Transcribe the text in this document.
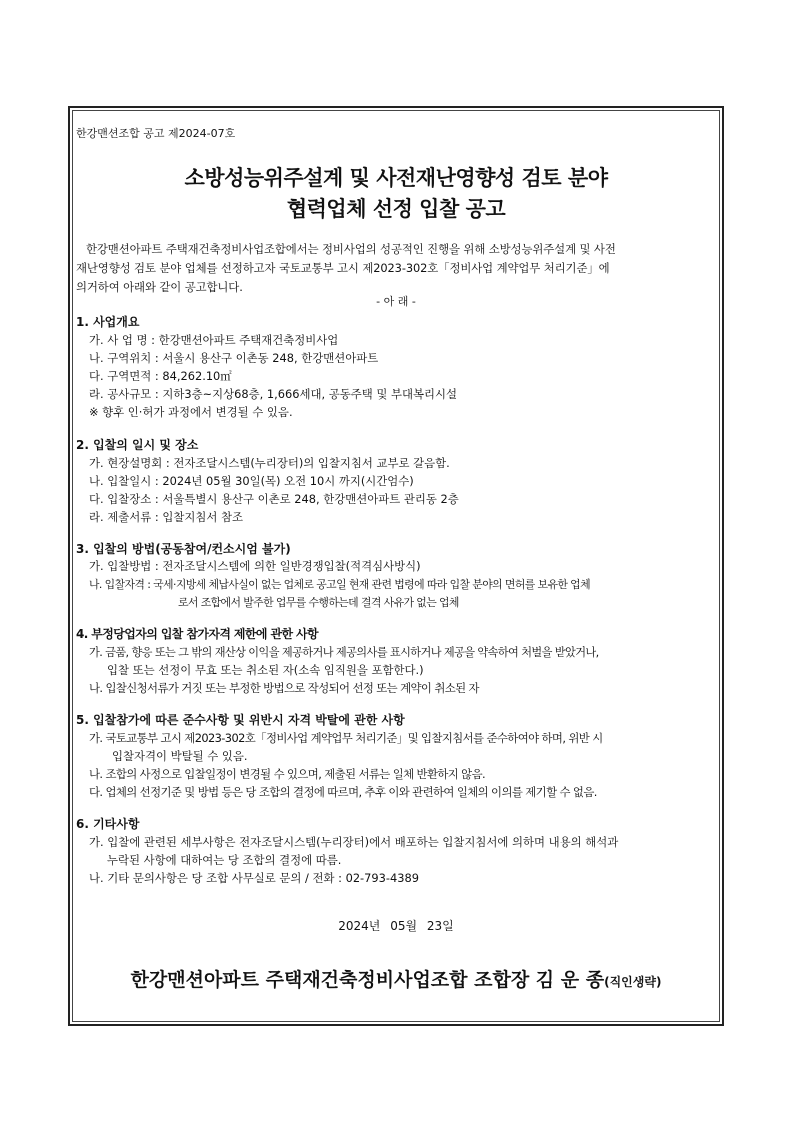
한강맨션조합 공고 제2024-07호
소방성능위주설계 및 사전재난영향성 검토 분야
협력업체 선정 입찰 공고
한강맨션아파트 주택재건축정비사업조합에서는 정비사업의 성공적인 진행을 위해 소방성능위주설계 및 사전
재난영향성 검토 분야 업체를 선정하고자 국토교통부 고시 제2023-302호「정비사업 계약업무 처리기준」에
의거하여 아래와 같이 공고합니다.
- 아 래 -
1. 사업개요
가. 사 업 명 : 한강맨션아파트 주택재건축정비사업
나. 구역위치 : 서울시 용산구 이촌동 248, 한강맨션아파트
다. 구역면적 : 84,262.10㎡
라. 공사규모 : 지하3층~지상68층, 1,666세대, 공동주택 및 부대복리시설
※ 향후 인·허가 과정에서 변경될 수 있음.
2. 입찰의 일시 및 장소
가. 현장설명회 : 전자조달시스템(누리장터)의 입찰지침서 교부로 갈음함.
나. 입찰일시 : 2024년 05월 30일(목) 오전 10시 까지(시간엄수)
다. 입찰장소 : 서울특별시 용산구 이촌로 248, 한강맨션아파트 관리동 2층
라. 제출서류 : 입찰지침서 참조
3. 입찰의 방법(공동참여/컨소시엄 불가)
가. 입찰방법 : 전자조달시스템에 의한 일반경쟁입찰(적격심사방식)
나. 입찰자격 : 국세·지방세 체납사실이 없는 업체로 공고일 현재 관련 법령에 따라 입찰 분야의 면허를 보유한 업체
로서 조합에서 발주한 업무를 수행하는데 결격 사유가 없는 업체
4. 부정당업자의 입찰 참가자격 제한에 관한 사항
가. 금품, 향응 또는 그 밖의 재산상 이익을 제공하거나 제공의사를 표시하거나 제공을 약속하여 처벌을 받았거나,
입찰 또는 선정이 무효 또는 취소된 자(소속 임직원을 포함한다.)
나. 입찰신청서류가 거짓 또는 부정한 방법으로 작성되어 선정 또는 계약이 취소된 자
5. 입찰참가에 따른 준수사항 및 위반시 자격 박탈에 관한 사항
가. 국토교통부 고시 제2023-302호「정비사업 계약업무 처리기준」및 입찰지침서를 준수하여야 하며, 위반 시
입찰자격이 박탈될 수 있음.
나. 조합의 사정으로 입찰일정이 변경될 수 있으며, 제출된 서류는 일체 반환하지 않음.
다. 업체의 선정기준 및 방법 등은 당 조합의 결정에 따르며, 추후 이와 관련하여 일체의 이의를 제기할 수 없음.
6. 기타사항
가. 입찰에 관련된 세부사항은 전자조달시스템(누리장터)에서 배포하는 입찰지침서에 의하며 내용의 해석과
누락된 사항에 대하여는 당 조합의 결정에 따름.
나. 기타 문의사항은 당 조합 사무실로 문의 / 전화 : 02-793-4389
2024년 05월 23일
한강맨션아파트 주택재건축정비사업조합 조합장 김 운 종(직인생략)
